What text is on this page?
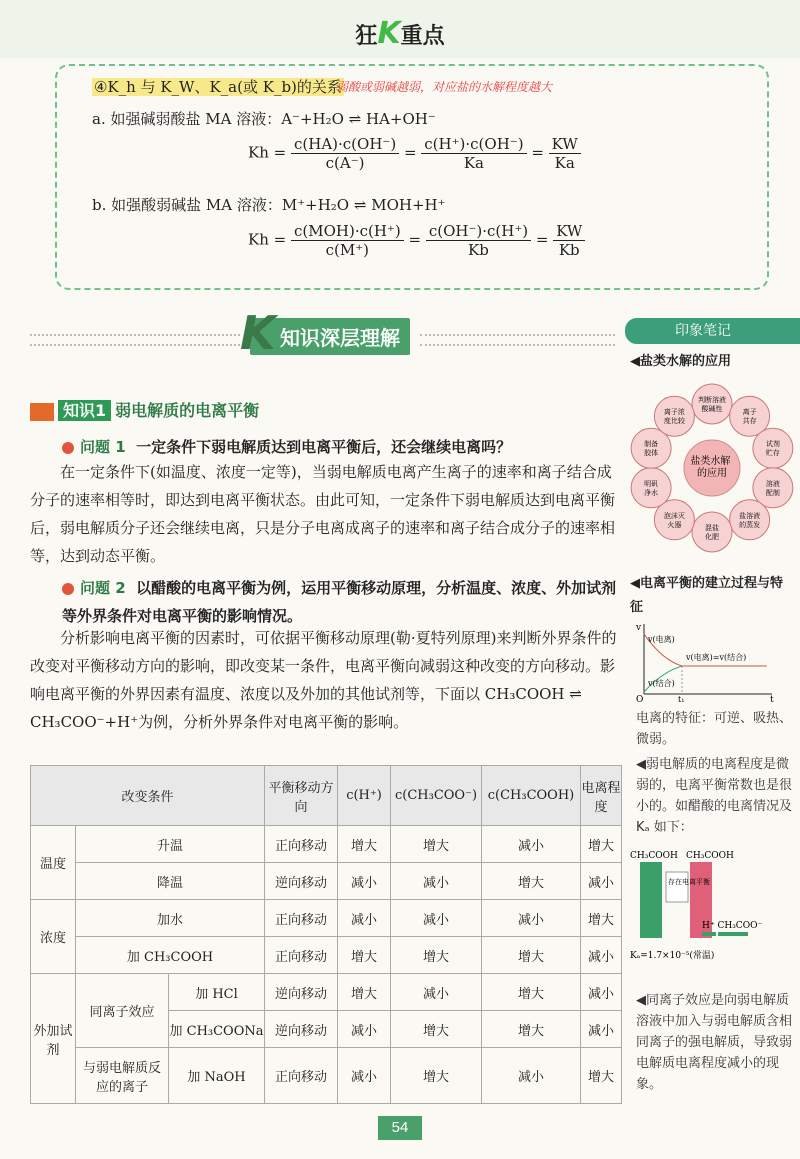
狂K重点
④K_h 与 K_W、K_a(或 K_b)的关系
弱酸或弱碱越弱，对应盐的水解程度越大
a. 如强碱弱酸盐 MA 溶液：A⁻+H₂O ⇌ HA+OH⁻
$Kh = \frac{c(HA)\cdot c(OH^-)}{c(A^-)} = \frac{c(H^+)\cdot c(OH^-)}{Ka} = \frac{KW}{Ka}$
b. 如强酸弱碱盐 MA 溶液：M⁺+H₂O ⇌ MOH+H⁺
$Kh = \frac{\text{c(MOH)·c(H⁺)}}{c(M^+)} = \frac{c(OH^-)\cdot c(H^+)}{Kb} = \frac{KW}{Kb}$
K 知识深层理解
知识1 弱电解质的电离平衡
问题 1 一定条件下弱电解质达到电离平衡后，还会继续电离吗？
在一定条件下(如温度、浓度一定等)，当弱电解质电离产生离子的速率和离子结合成分子的速率相等时，即达到电离平衡状态。由此可知，一定条件下弱电解质达到电离平衡后，弱电解质分子还会继续电离，只是分子电离成离子的速率和离子结合成分子的速率相等，达到动态平衡。
问题 2 以醋酸的电离平衡为例，运用平衡移动原理，分析温度、浓度、外加试剂等外界条件对电离平衡的影响情况。
分析影响电离平衡的因素时，可依据平衡移动原理(勒·夏特列原理)来判断外界条件的改变对平衡移动方向的影响，即改变某一条件，电离平衡向减弱这种改变的方向移动。影响电离平衡的外界因素有温度、浓度以及外加的其他试剂等，下面以 CH₃COOH ⇌ CH₃COO⁻+H⁺为例，分析外界条件对电离平衡的影响。
改变条件			平衡移动方向	c(H⁺)	c(CH₃COO⁻)	c(CH₃COOH)	电离程度
温度	升温		正向移动	增大	增大	减小	增大
	降温		逆向移动	减小	减小	增大	减小
浓度	加水		正向移动	减小	减小	减小	增大
	加 CH₃COOH		正向移动	增大	增大	增大	减小
外加试剂	同离子效应	加 HCl	逆向移动	增大	减小	增大	减小
		加 CH₃COONa	逆向移动	减小	增大	增大	减小
	与弱电解质反应的离子	加 NaOH	正向移动	减小	增大	减小	增大
印象笔记
◀盐类水解的应用
判断溶液酸碱性	离子共存
试剂贮存
溶液配制
盐溶液的蒸发
混盐化肥
泡沫灭火器
明矾净水
制备胶体
离子浓度比较
盐类水解 的应用
◀电离平衡的建立过程与特征
v
t
O	t₁
v(电离)
v(电离)=v(结合)
v(结合)
电离的特征：可逆、吸热、微弱。
◀弱电解质的电离程度是微弱的，电离平衡常数也是很小的。如醋酸的电离情况及 Kₐ 如下：
CH₃COOH CH₃COOH
存在电离平衡
H⁺ CH₃COO⁻
Kₐ=1.7×10⁻⁵(常温)
◀同离子效应是向弱电解质溶液中加入与弱电解质含相同离子的强电解质，导致弱电解质电离程度减小的现象。
54
